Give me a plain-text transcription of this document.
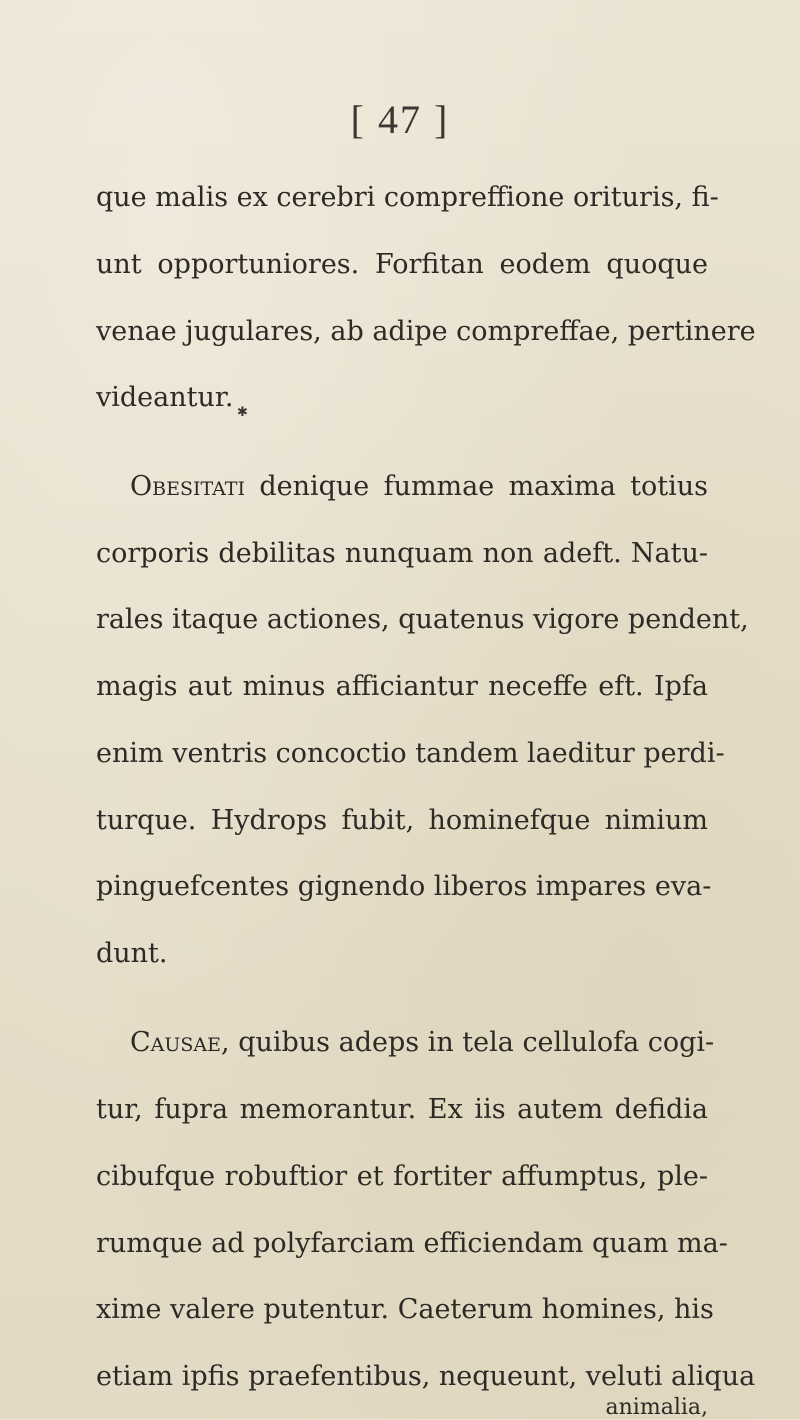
[ 47 ]
que malis ex cerebri compreffione orituris, fi-
unt opportuniores. Forfitan eodem quoque
venae jugulares, ab adipe compreffae, pertinere
videantur. ✱
Obesitati denique fummae maxima totius
corporis debilitas nunquam non adeft. Natu-
rales itaque actiones, quatenus vigore pendent,
magis aut minus afficiantur neceffe eft. Ipfa
enim ventris concoctio tandem laeditur perdi-
turque. Hydrops fubit, hominefque nimium
pinguefcentes gignendo liberos impares eva-
dunt.
Causae, quibus adeps in tela cellulofa cogi-
tur, fupra memorantur. Ex iis autem defidia
cibufque robuftior et fortiter affumptus, ple-
rumque ad polyfarciam efficiendam quam ma-
xime valere putentur. Caeterum homines, his
etiam ipfis praefentibus, nequeunt, veluti aliqua
animalia,
